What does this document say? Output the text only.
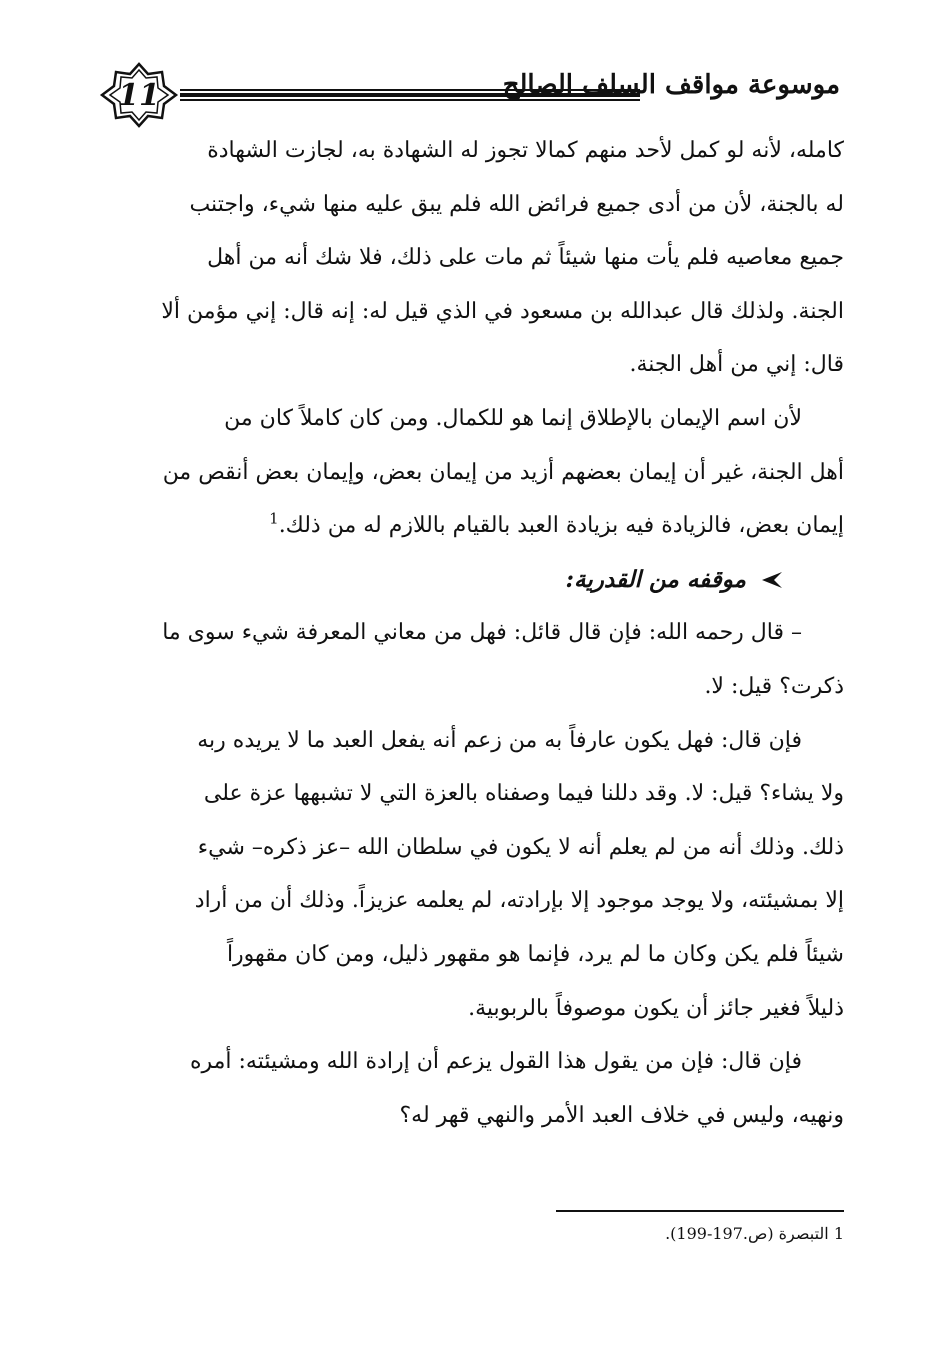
11	موسوعة مواقف السلف الصالح

كامله، لأنه لو كمل لأحد منهم كمالا تجوز له الشهادة به، لجازت الشهادة

له بالجنة، لأن من أدى جميع فرائض الله فلم يبق عليه منها شيء، واجتنب

جميع معاصيه فلم يأت منها شيئاً ثم مات على ذلك، فلا شك أنه من أهل

الجنة. ولذلك قال عبدالله بن مسعود في الذي قيل له: إنه قال: إني مؤمن ألا

قال: إني من أهل الجنة.

لأن اسم الإيمان بالإطلاق إنما هو للكمال. ومن كان كاملاً كان من

أهل الجنة، غير أن إيمان بعضهم أزيد من إيمان بعض، وإيمان بعض أنقص من

إيمان بعض، فالزيادة فيه بزيادة العبد بالقيام باللازم له من ذلك.$^1$

موقفه من القدرية:

– قال رحمه الله: فإن قال قائل: فهل من معاني المعرفة شيء سوى ما

ذكرت؟ قيل: لا.

فإن قال: فهل يكون عارفاً به من زعم أنه يفعل العبد ما لا يريده ربه

ولا يشاء؟ قيل: لا. وقد دللنا فيما وصفناه بالعزة التي لا تشبهها عزة على

ذلك. وذلك أنه من لم يعلم أنه لا يكون في سلطان الله –عز ذكره– شيء

إلا بمشيئته، ولا يوجد موجود إلا بإرادته، لم يعلمه عزيزاً. وذلك أن من أراد

شيئاً فلم يكن وكان ما لم يرد، فإنما هو مقهور ذليل، ومن كان مقهوراً

ذليلاً فغير جائز أن يكون موصوفاً بالربوبية.

فإن قال: فإن من يقول هذا القول يزعم أن إرادة الله ومشيئته: أمره

ونهيه، وليس في خلاف العبد الأمر والنهي قهر له؟

1 التبصرة (ص.197-199).
